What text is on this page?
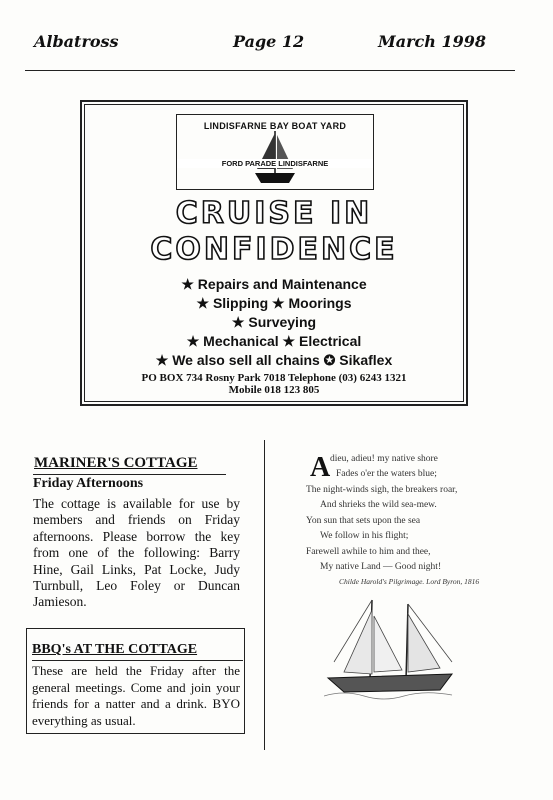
Albatross	Page 12	March 1998
LINDISFARNE BAY BOAT YARD
FORD PARADE LINDISFARNE
CRUISE IN
CONFIDENCE
★ Repairs and Maintenance
★ Slipping ★ Moorings
★ Surveying
★ Mechanical ★ Electrical
★ We also sell all chains ✪ Sikaflex
PO BOX 734 Rosny Park 7018 Telephone (03) 6243 1321
Mobile 018 123 805
MARINER'S COTTAGE
Friday Afternoons
The cottage is available for use by members and friends on Friday afternoons. Please borrow the key from one of the following: Barry Hine, Gail Links, Pat Locke, Judy Turnbull, Leo Foley or Duncan Jamieson.
BBQ's AT THE COTTAGE
These are held the Friday after the general meetings. Come and join your friends for a natter and a drink. BYO everything as usual.
A dieu, adieu! my native shore
Fades o'er the waters blue;
The night-winds sigh, the breakers roar,
And shrieks the wild sea-mew.
Yon sun that sets upon the sea
We follow in his flight;
Farewell awhile to him and thee,
My native Land — Good night!
Childe Harold's Pilgrimage. Lord Byron, 1816
